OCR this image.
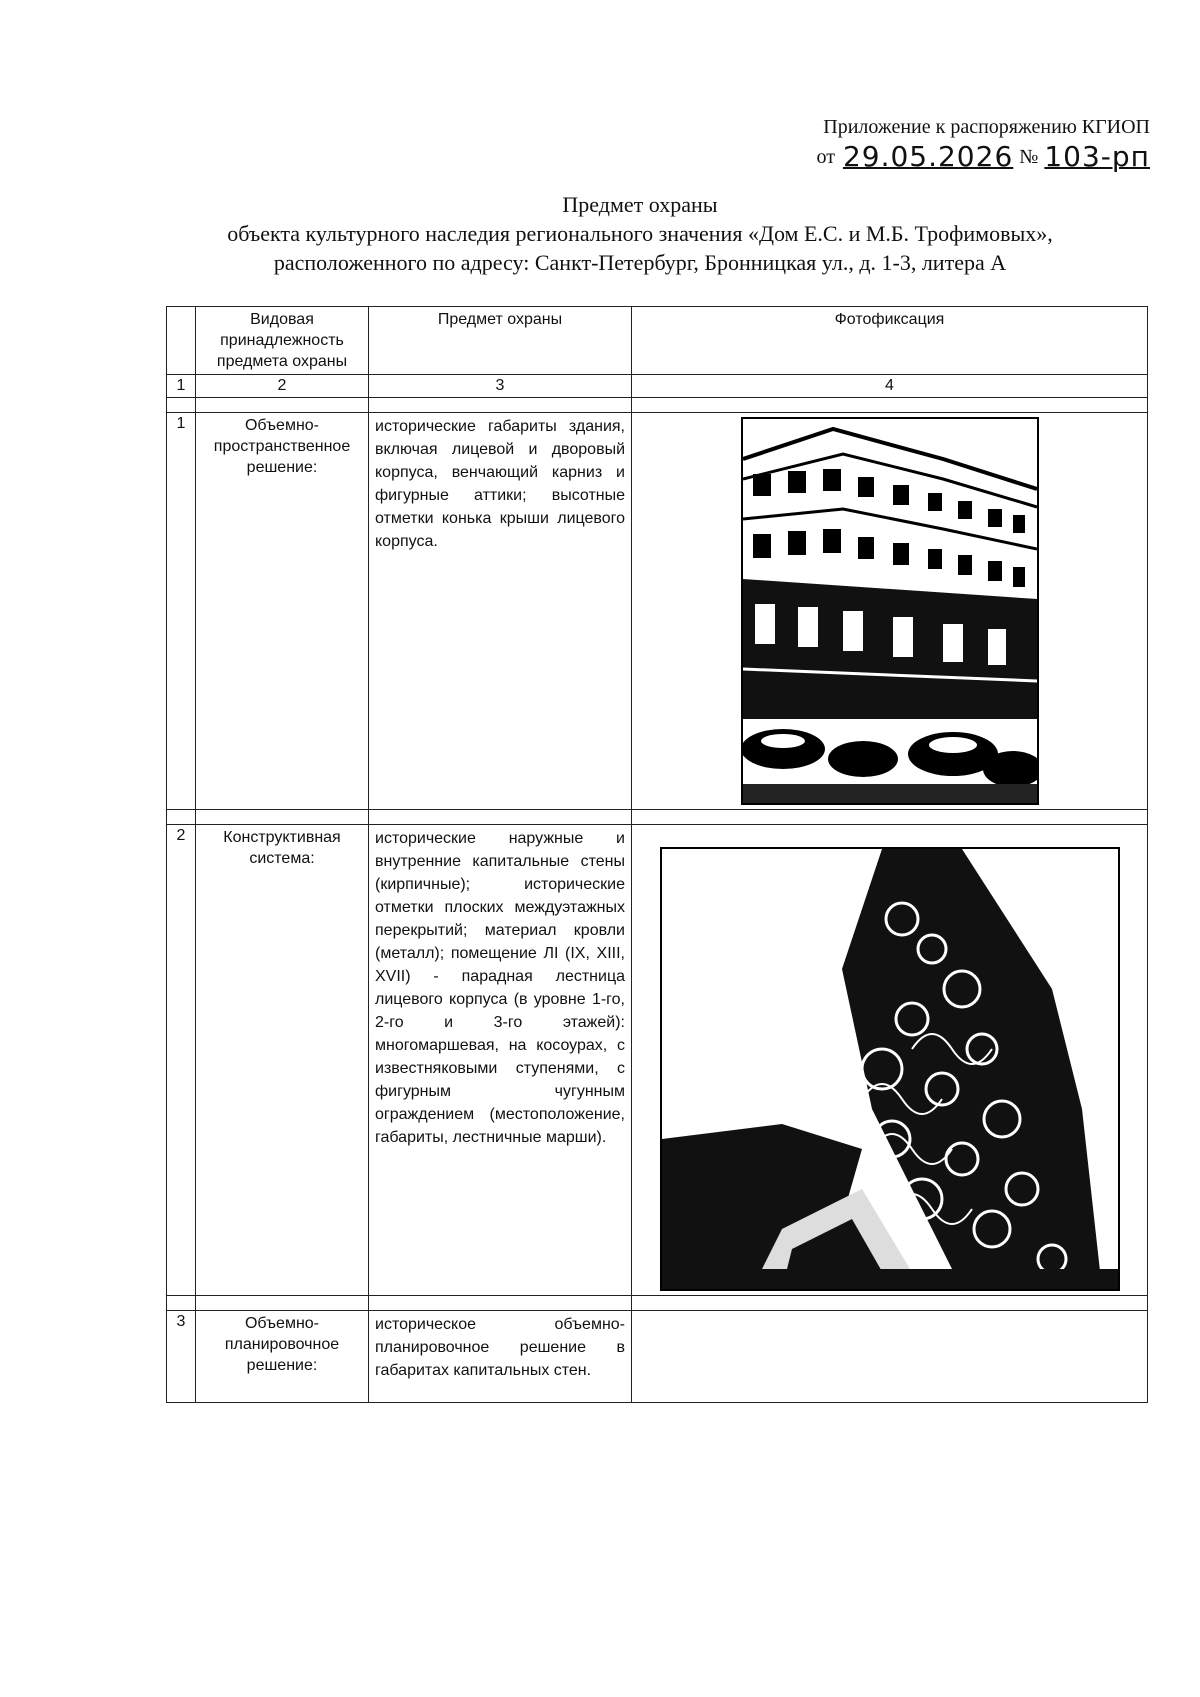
Приложение к распоряжению КГИОП
от 29.05.2026 № 103-рп
Предмет охраны
объекта культурного наследия регионального значения «Дом Е.С. и М.Б. Трофимовых»,
расположенного по адресу: Санкт-Петербург, Бронницкая ул., д. 1-3, литера А
	Видовая принадлежность предмета охраны	Предмет охраны	Фотофиксация
1	2	3	4

1	Объемно-пространственное решение:	исторические габариты здания, включая лицевой и дворовый корпуса, венчающий карниз и фигурные аттики; высотные отметки конька крыши лицевого корпуса.	

2	Конструктивная система:	исторические наружные и внутренние капитальные стены (кирпичные); исторические отметки плоских междуэтажных перекрытий; материал кровли (металл); помещение ЛI (IX, XIII, XVII) - парадная лестница лицевого корпуса (в уровне 1-го, 2-го и 3-го этажей): многомаршевая, на косоурах, с известняковыми ступенями, с фигурным чугунным ограждением (местоположение, габариты, лестничные марши).	

3	Объемно-планировочное решение:	историческое объемно-планировочное решение в габаритах капитальных стен.	
